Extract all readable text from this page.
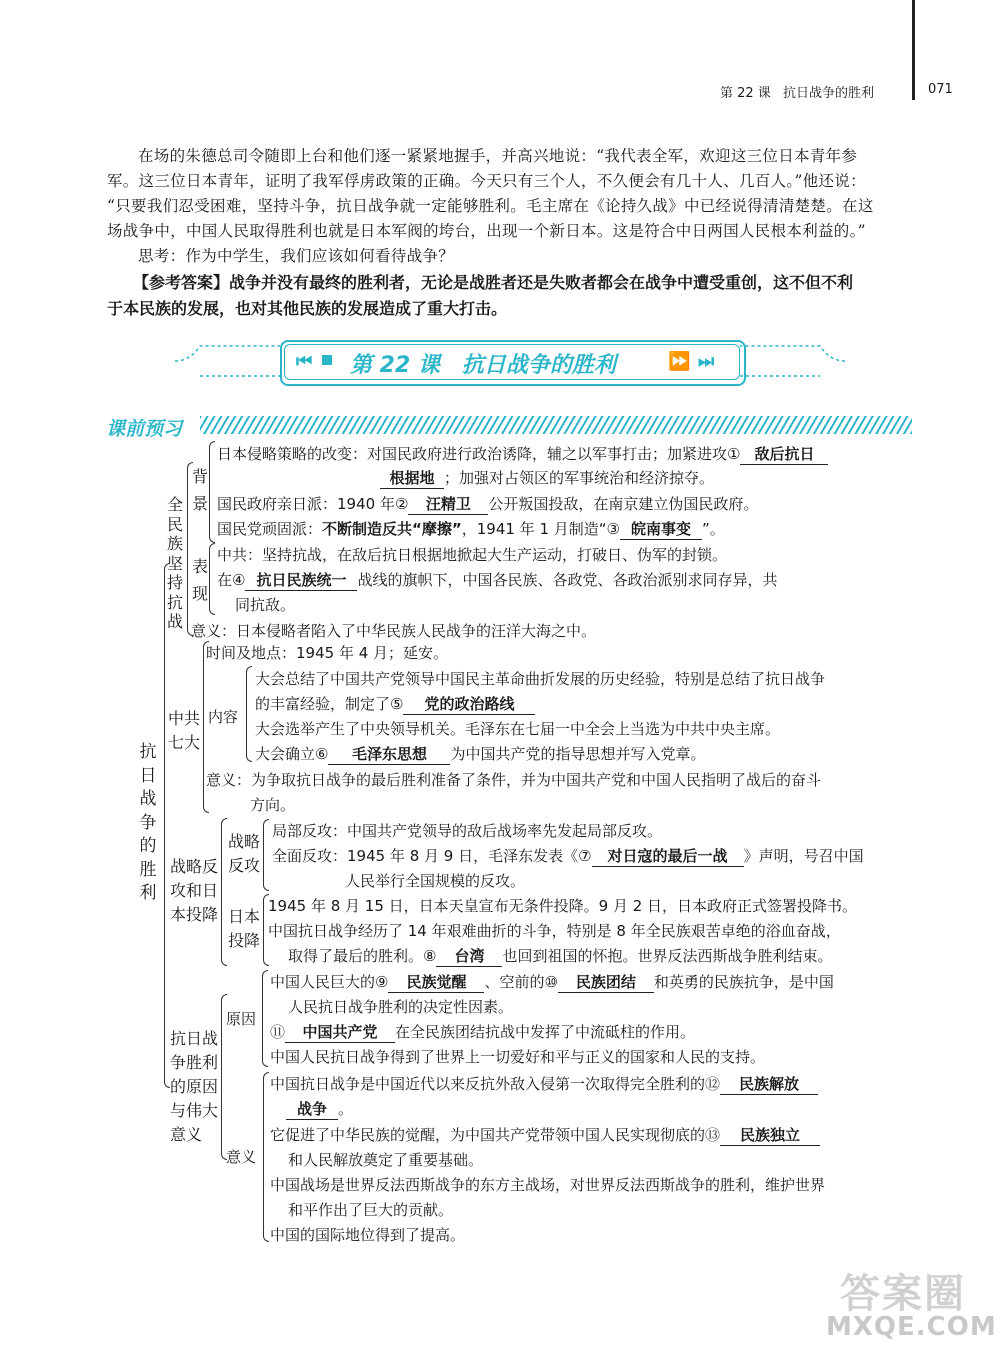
第 22 课 抗日战争的胜利	071
在场的朱德总司令随即上台和他们逐一紧紧地握手，并高兴地说：“我代表全军，欢迎这三位日本青年参
军。这三位日本青年，证明了我军俘虏政策的正确。今天只有三个人，不久便会有几十人、几百人。”他还说：
“只要我们忍受困难，坚持斗争，抗日战争就一定能够胜利。毛主席在《论持久战》中已经说得清清楚楚。在这
场战争中，中国人民取得胜利也就是日本军阀的垮台，出现一个新日本。这是符合中日两国人民根本利益的。”
思考：作为中学生，我们应该如何看待战争？
【参考答案】战争并没有最终的胜利者，无论是战胜者还是失败者都会在战争中遭受重创，这不但不利
于本民族的发展，也对其他民族的发展造成了重大打击。
⏮ 第 22 课　抗日战争的胜利	⏩ ⏭
课前预习
抗日战争的胜利
全民族坚持抗战
背景
日本侵略策略的改变：对国民政府进行政治诱降，辅之以军事打击；加紧进攻① 敌后抗日
根据地 ；加强对占领区的军事统治和经济掠夺。
国民政府亲日派：1940 年② 汪精卫 公开叛国投敌，在南京建立伪国民政府。
国民党顽固派：不断制造反共“摩擦”，1941 年 1 月制造“③ 皖南事变 ”。
表现
中共：坚持抗战，在敌后抗日根据地掀起大生产运动，打破日、伪军的封锁。
在④ 抗日民族统一 战线的旗帜下，中国各民族、各政党、各政治派别求同存异，共
同抗敌。
意义：日本侵略者陷入了中华民族人民战争的汪洋大海之中。
中共七大
时间及地点：1945 年 4 月；延安。
内容
大会总结了中国共产党领导中国民主革命曲折发展的历史经验，特别是总结了抗日战争
的丰富经验，制定了⑤ 党的政治路线
大会选举产生了中央领导机关。毛泽东在七届一中全会上当选为中共中央主席。
大会确立⑥ 毛泽东思想 为中国共产党的指导思想并写入党章。
意义：为争取抗日战争的最后胜利准备了条件，并为中国共产党和中国人民指明了战后的奋斗
方向。
战略反攻和日本投降
战略反攻
局部反攻：中国共产党领导的敌后战场率先发起局部反攻。
全面反攻：1945 年 8 月 9 日，毛泽东发表《⑦ 对日寇的最后一战 》声明，号召中国
人民举行全国规模的反攻。
日本投降
1945 年 8 月 15 日，日本天皇宣布无条件投降。9 月 2 日，日本政府正式签署投降书。
中国抗日战争经历了 14 年艰难曲折的斗争，特别是 8 年全民族艰苦卓绝的浴血奋战，
取得了最后的胜利。⑧ 台湾 也回到祖国的怀抱。世界反法西斯战争胜利结束。
抗日战争胜利的原因与伟大意义
原因
中国人民巨大的⑨ 民族觉醒 、空前的⑩ 民族团结 和英勇的民族抗争，是中国
人民抗日战争胜利的决定性因素。
⑪ 中国共产党 在全民族团结抗战中发挥了中流砥柱的作用。
中国人民抗日战争得到了世界上一切爱好和平与正义的国家和人民的支持。
意义
中国抗日战争是中国近代以来反抗外敌入侵第一次取得完全胜利的⑫ 民族解放
战争 。
它促进了中华民族的觉醒，为中国共产党带领中国人民实现彻底的⑬ 民族独立
和人民解放奠定了重要基础。
中国战场是世界反法西斯战争的东方主战场，对世界反法西斯战争的胜利，维护世界
和平作出了巨大的贡献。
中国的国际地位得到了提高。
答案圈
MXQE.COM
